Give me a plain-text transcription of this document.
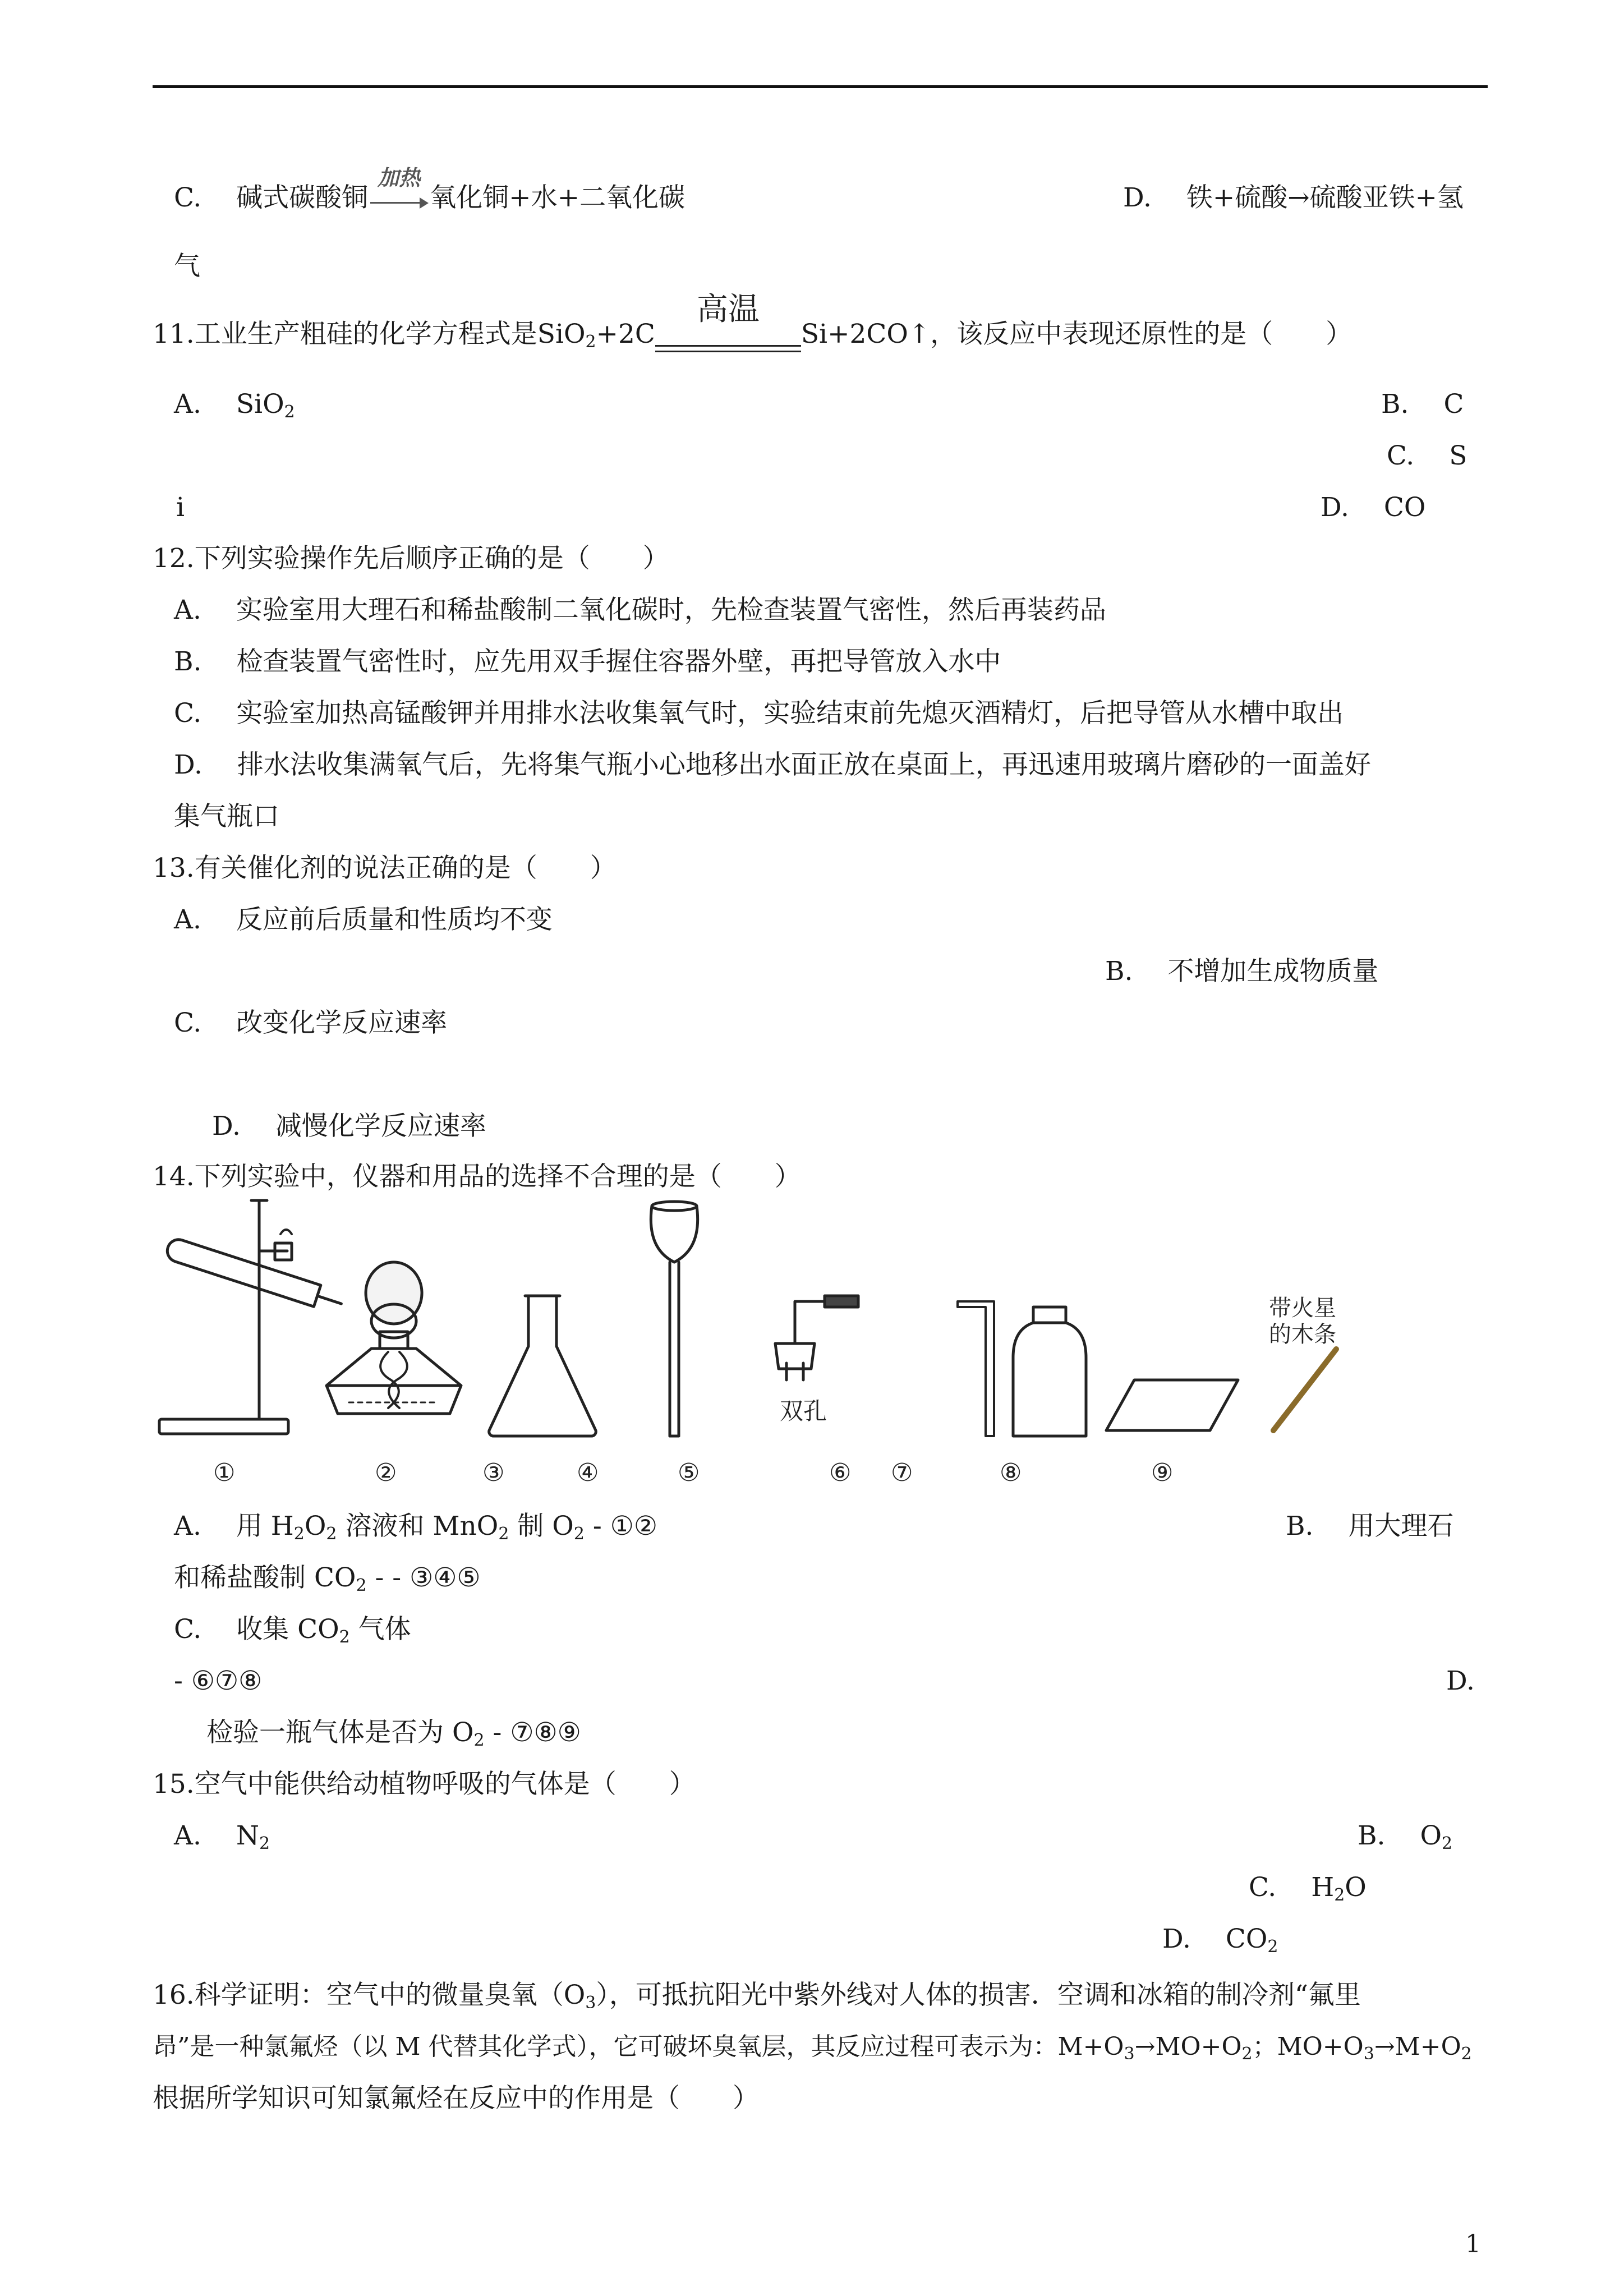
C.　 碱式碳酸铜
加热
氧化铜+水+二氧化碳	D.　 铁+硫酸→硫酸亚铁+氢
气
11.工业生产粗硅的化学方程式是SiO$_2$+2C
高温
Si+2CO↑，该反应中表现还原性的是（　　）
A.　 SiO$_2$	B.　 C
C.　 S
i	D.　 CO
12.下列实验操作先后顺序正确的是（　　）
A.　 实验室用大理石和稀盐酸制二氧化碳时，先检查装置气密性，然后再装药品
B.　 检查装置气密性时，应先用双手握住容器外壁，再把导管放入水中
C.　 实验室加热高锰酸钾并用排水法收集氧气时，实验结束前先熄灭酒精灯，后把导管从水槽中取出
D.　 排水法收集满氧气后，先将集气瓶小心地移出水面正放在桌面上，再迅速用玻璃片磨砂的一面盖好
集气瓶口
13.有关催化剂的说法正确的是（　　）
A.　 反应前后质量和性质均不变
B.　 不增加生成物质量
C.　 改变化学反应速率
D.　 减慢化学反应速率
14.下列实验中，仪器和用品的选择不合理的是（　　）
双孔
带火星
的木条
①	②	③	④	⑤	⑥ ⑦	⑧	⑨
A.　 用 $H_2O_2$ 溶液和 MnO$_2$ 制 $O_2$ - ①②	B.　 用大理石
和稀盐酸制 $CO_2$ - - ③④⑤
C.　 收集 $CO_2$ 气体
- ⑥⑦⑧	D.
检验一瓶气体是否为 $O_2$ - ⑦⑧⑨
15.空气中能供给动植物呼吸的气体是（　　）
A.　 $N_2$	B.　 $O_2$
C.　 $H_2O$
D.　 $CO_2$
16.科学证明：空气中的微量臭氧$(O_3)$，可抵抗阳光中紫外线对人体的损害．空调和冰箱的制冷剂“氟里
昂”是一种氯氟烃（以 M 代替其化学式），它可破坏臭氧层，其反应过程可表示为：$M+O_3\to MO+O_2$；$MO+O_3\to M+O_2$
根据所学知识可知氯氟烃在反应中的作用是（　　）
1
